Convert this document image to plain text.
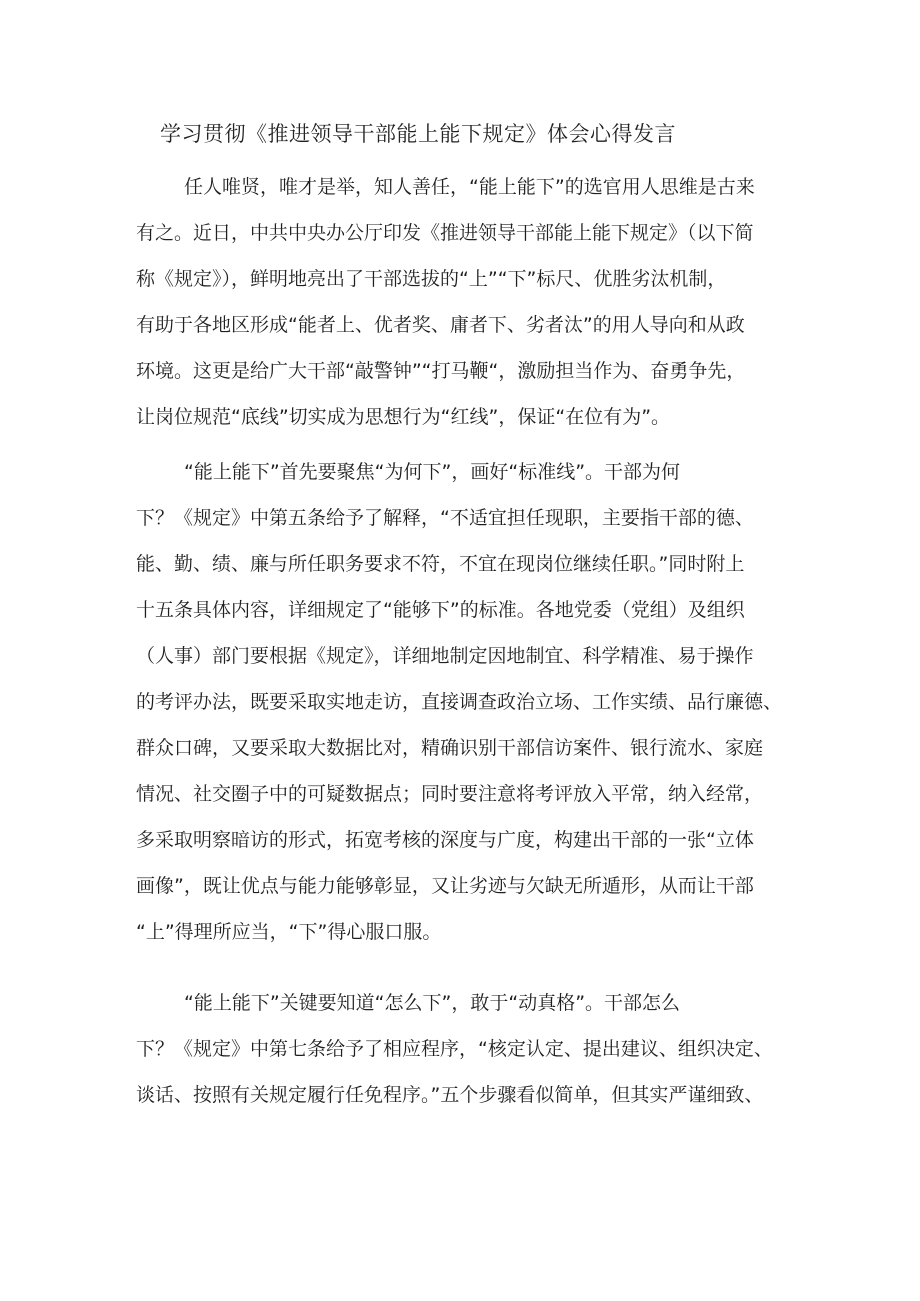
学习贯彻《推进领导干部能上能下规定》体会心得发言
任人唯贤，唯才是举，知人善任，“能上能下”的选官用人思维是古来
有之。近日，中共中央办公厅印发《推进领导干部能上能下规定》（以下简
称《规定》），鲜明地亮出了干部选拔的“上”“下”标尺、优胜劣汰机制，
有助于各地区形成“能者上、优者奖、庸者下、劣者汰”的用人导向和从政
环境。这更是给广大干部“敲警钟”“打马鞭“，激励担当作为、奋勇争先，
让岗位规范“底线”切实成为思想行为“红线”，保证“在位有为”。
“能上能下”首先要聚焦“为何下”，画好“标准线”。干部为何
下？《规定》中第五条给予了解释，“不适宜担任现职，主要指干部的德、
能、勤、绩、廉与所任职务要求不符，不宜在现岗位继续任职。”同时附上
十五条具体内容，详细规定了“能够下”的标准。各地党委（党组）及组织
（人事）部门要根据《规定》，详细地制定因地制宜、科学精准、易于操作
的考评办法，既要采取实地走访，直接调查政治立场、工作实绩、品行廉德、
群众口碑，又要采取大数据比对，精确识别干部信访案件、银行流水、家庭
情况、社交圈子中的可疑数据点；同时要注意将考评放入平常，纳入经常，
多采取明察暗访的形式，拓宽考核的深度与广度，构建出干部的一张“立体
画像”，既让优点与能力能够彰显，又让劣迹与欠缺无所遁形，从而让干部
“上”得理所应当，“下”得心服口服。
“能上能下”关键要知道“怎么下”，敢于“动真格”。干部怎么
下？《规定》中第七条给予了相应程序，“核定认定、提出建议、组织决定、
谈话、按照有关规定履行任免程序。”五个步骤看似简单，但其实严谨细致、
